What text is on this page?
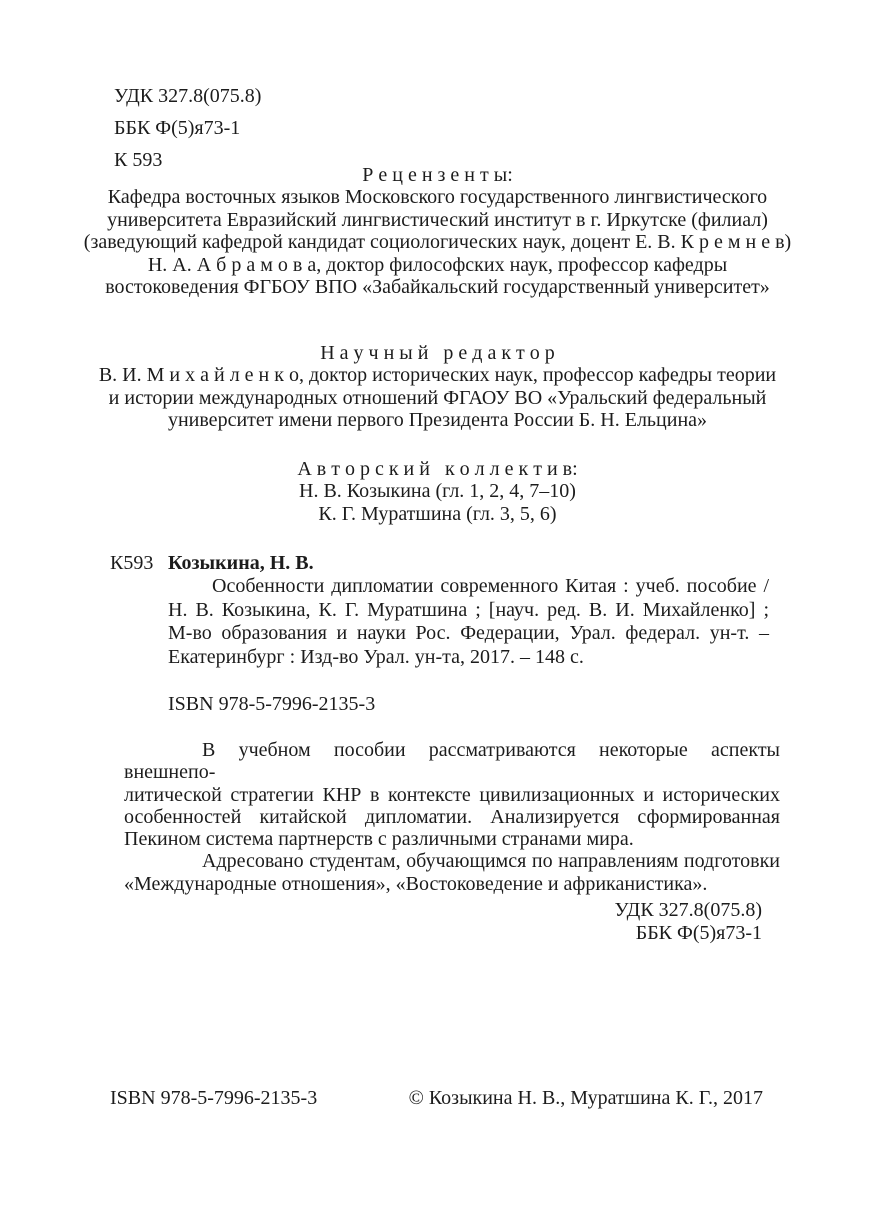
УДК 327.8(075.8)
ББК Ф(5)я73-1
К 593
Р е ц е н з е н т ы:
Кафедра восточных языков Московского государственного лингвистического
университета Евразийский лингвистический институт в г. Иркутске (филиал)
(заведующий кафедрой кандидат социологических наук, доцент Е. В. К р е м н е в)
Н. А. А б р а м о в а, доктор философских наук, профессор кафедры
востоковедения ФГБОУ ВПО «Забайкальский государственный университет»
Н а у ч н ы й   р е д а к т о р
В. И. М и х а й л е н к о, доктор исторических наук, профессор кафедры теории
и истории международных отношений ФГАОУ ВО «Уральский федеральный
университет имени первого Президента России Б. Н. Ельцина»
А в т о р с к и й   к о л л е к т и в:
Н. В. Козыкина (гл. 1, 2, 4, 7–10)
К. Г. Муратшина (гл. 3, 5, 6)
К593 Козыкина, Н. В.
Особенности дипломатии современного Китая : учеб. пособие /
Н. В. Козыкина, К. Г. Муратшина ; [науч. ред. В. И. Михайленко] ;
М-во образования и науки Рос. Федерации, Урал. федерал. ун-т. –
Екатеринбург : Изд-во Урал. ун-та, 2017. – 148 с.
ISBN 978-5-7996-2135-3
В учебном пособии рассматриваются некоторые аспекты внешнепо-
литической стратегии КНР в контексте цивилизационных и исторических
особенностей китайской дипломатии. Анализируется сформированная
Пекином система партнерств с различными странами мира.
Адресовано студентам, обучающимся по направлениям подготовки
«Международные отношения», «Востоковедение и африканистика».
УДК 327.8(075.8)
ББК Ф(5)я73-1
ISBN 978-5-7996-2135-3	© Козыкина Н. В., Муратшина К. Г., 2017
